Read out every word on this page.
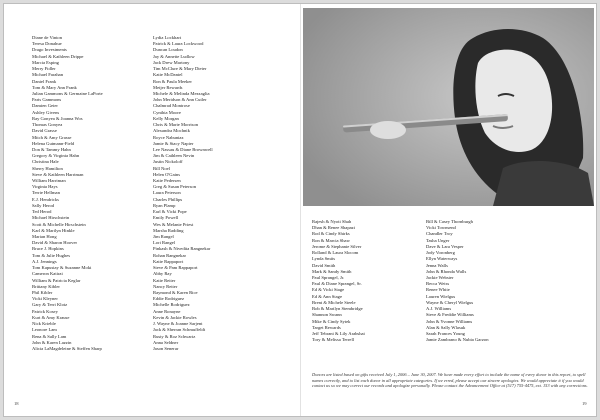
Diane de Vinton
Teresa Donahue
Drago Investments
Michael & Kathleen Drippe
Marcia Esping
Merry Fidler
Michael Farahan
Daniel Frank
Tom & Mary Ann Frank
Julian Gammons & Germaine LaPorte
Paris Gammons
Damien Geier
Ashley Givens
Ray Gonyea & Joanna Wos
Thomas Gonyea
David Grasse
Mitch & Amy Grasse
Helena Gutmann-Field
Don & Tammy Hahn
Gregory & Virginia Hahn
Christina Hale
Sherry Hamilton
Steve & Kathleen Harriman
William Harriman
Virginia Hays
Terrie Hellman
E.J. Hendricks
Sally Herod
Ted Herod
Michael Hirschstein
Scott & Michelle Hirschstein
Karl & Marilyn Hinkle
Marian Hong
David & Sharon Hoover
Bruce J. Hopkins
Tom & Julie Hughes
A.J. Jennings
Tom Kapustay & Suzanne Moki
Cameron Katirai
William & Patricia Keglar
Brittany Kibler
Phil Kibler
Vicki Kleyner
Gary & Terri Klotz
Patrick Kosey
Kurt & Amy Krause
Nick Krieble
Leonore Lam
Rena & Sally Lam
John & Karen Lazzin
Alicia LaMagdeleine & Steffen Sharp
Lydia Lockhart
Patrick & Laura Lockwood
Duncan Loudon
Jay & Annette Ludlow
Jack Drew Martony
Tim McClure & Mary Dieter
Katie McDaniel
Ron & Paula Meeker
Meijer Rewards
Michele & Melinda Mezzaglia
John Meridson & Ann Cutler
Chalmrad Montrose
Cynthia Moore
Kelly Morgan
Chris & Marie Morrison
Alexandra Mochnik
Royce Nabuniaz
Jamie & Stacy Napier
Lee Nassau & Diane Brownwell
Jim & Cathleen Nevin
Justin Nickoloff
Bill Noel
Helen O'Gains
Katie Pedersen
Greg & Susan Peterson
Laura Peterson
Charles Phillips
Ryan Plamp
Earl & Vicki Pope
Emily Powell
Wes & Melanie Priest
Marsha Radding
Jim Rangel
Lori Rangel
Pinkash & Nivedita Rangnekar
Rohan Rangnekar
Katie Rappaport
Steve & Pam Rappaport
Abby Ray
Katie Reiter
Nancy Reiter
Raymond & Karen Rice
Eddie Rodriguez
Michelle Rodriguez
Anne Ronayne
Kevin & Jackie Rowles
J. Wayne & Joanne Sarjent
Jack & Sherran Schmuffeldt
Rusty & Roz Schwartz
Anna Seldner
Jason Senerar
Rajesh & Nyoti Shah
Dhan & Renee Shapazi
Rod & Cindy Shirks
Ron & Marcia Shaw
Jerome & Stephanie Silver
Rolland & Laura Slocom
Lynda Smits
David Smith
Mark & Sandy Smith
Paul Sprangel, Jr.
Paul & Diane Sprangel, Sr.
Ed & Vicki Stage
Ed & Ann Stage
Brent & Michele Steele
Bob & Marilyn Stembridge
Shannon Swann
Mike & Cindy Sytek
Target Rewards
Jeff Tebrani & Lily Arabshai
Tory & Melissa Terrell
Bill & Casey Thornburgh
Vicki Townsend
Chandler Troy
Tasha Unger
Dave & Lara Vesper
Jody Voronberg
Ellyn Waterways
Jenna Walls
John & Rhonda Walls
Jackie Webster
Becca Weiss
Renee White
Lauren Wielgus
Wayne & Cheryl Wielgus
A.J. Williams
Steve & Freddie Williams
John & Yvonne Williams
Alan & Sally Wlasuk
Sarah Frances Young
Jamie Zambrano & Nubia Garzon
Donors are listed based on gifts received July 1, 2006 – June 30, 2007. We have made every effort to include the name of every donor in this report, to spell names correctly, and to list each donor in all appropriate categories. If we erred, please accept our sincere apologies. We would appreciate it if you would contact us so we may correct our records and apologize personally. Please contact the Advancement Office at (517) 755-4475, ext. 153 with any corrections.
18	19
